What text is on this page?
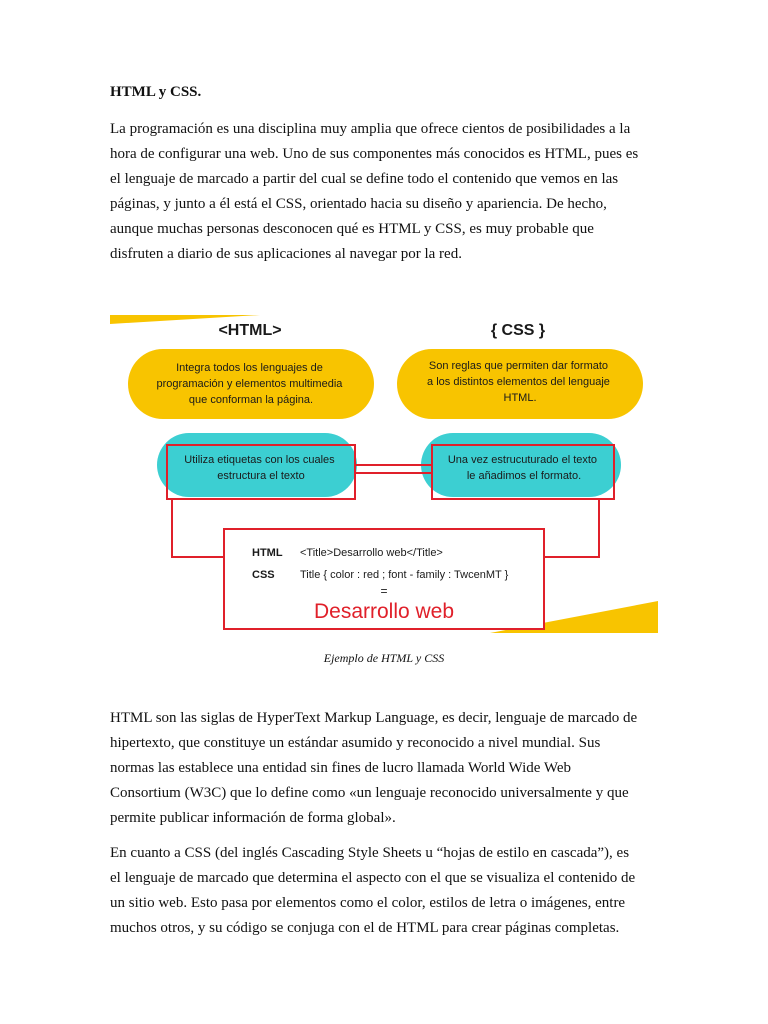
HTML y CSS.

La programación es una disciplina muy amplia que ofrece cientos de posibilidades a la
hora de configurar una web. Uno de sus componentes más conocidos es HTML, pues es
el lenguaje de marcado a partir del cual se define todo el contenido que vemos en las
páginas, y junto a él está el CSS, orientado hacia su diseño y apariencia. De hecho,
aunque muchas personas desconocen qué es HTML y CSS, es muy probable que
disfruten a diario de sus aplicaciones al navegar por la red.

<HTML>	{ CSS }
Integra todos los lenguajes de programación y elementos multimedia que conforman la página.
Son reglas que permiten dar formato a los distintos elementos del lenguaje HTML.
Utiliza etiquetas con los cuales estructura el texto
Una vez estrucuturado el texto le añadimos el formato.
HTML <Title>Desarrollo web</Title>
CSS Title { color : red ; font - family : TwcenMT }
=
Desarrollo web

Ejemplo de HTML y CSS

HTML son las siglas de HyperText Markup Language, es decir, lenguaje de marcado de
hipertexto, que constituye un estándar asumido y reconocido a nivel mundial. Sus
normas las establece una entidad sin fines de lucro llamada World Wide Web
Consortium (W3C) que lo define como «un lenguaje reconocido universalmente y que
permite publicar información de forma global».

En cuanto a CSS (del inglés Cascading Style Sheets u “hojas de estilo en cascada”), es
el lenguaje de marcado que determina el aspecto con el que se visualiza el contenido de
un sitio web. Esto pasa por elementos como el color, estilos de letra o imágenes, entre
muchos otros, y su código se conjuga con el de HTML para crear páginas completas.
